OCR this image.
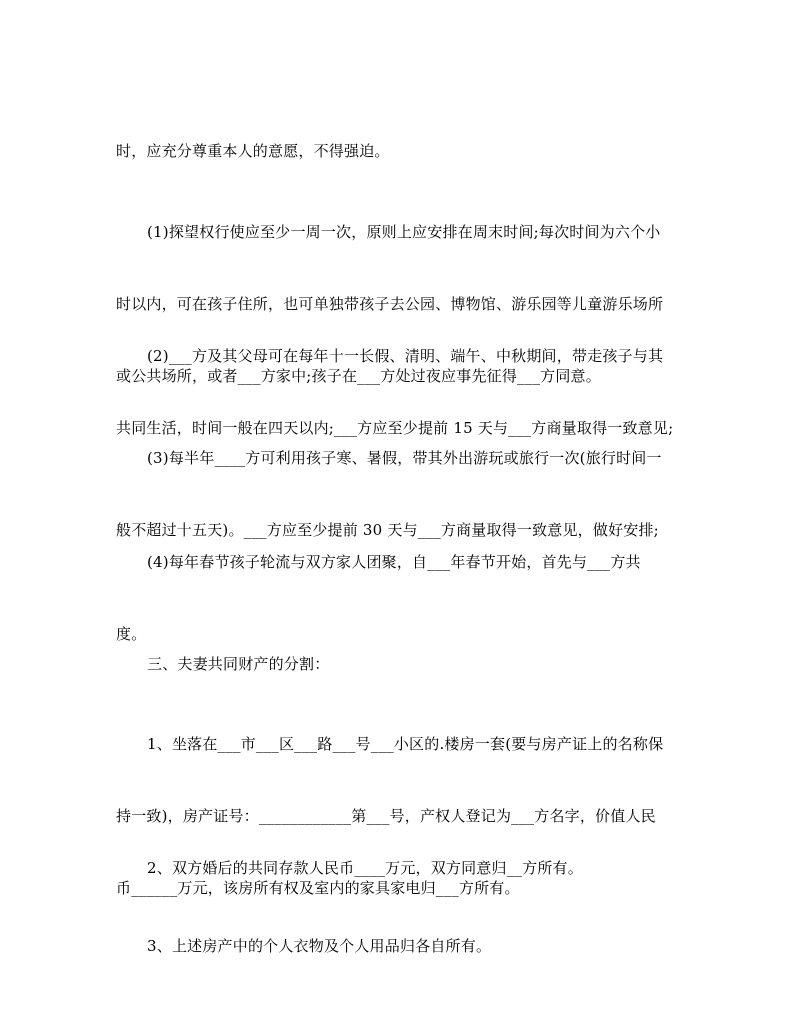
时，应充分尊重本人的意愿，不得强迫。

(1)探望权行使应至少一周一次，原则上应安排在周末时间;每次时间为六个小

时以内，可在孩子住所，也可单独带孩子去公园、博物馆、游乐园等儿童游乐场所

或公共场所，或者___方家中;孩子在___方处过夜应事先征得___方同意。

(2)___方及其父母可在每年十一长假、清明、端午、中秋期间，带走孩子与其

共同生活，时间一般在四天以内;___方应至少提前 15 天与___方商量取得一致意见;

(3)每半年____方可利用孩子寒、暑假，带其外出游玩或旅行一次(旅行时间一

般不超过十五天)。___方应至少提前 30 天与___方商量取得一致意见，做好安排;

(4)每年春节孩子轮流与双方家人团聚，自___年春节开始，首先与___方共

度。

三、夫妻共同财产的分割：

1、坐落在___市___区___路___号___小区的.楼房一套(要与房产证上的名称保

持一致)，房产证号：____________第___号，产权人登记为___方名字，价值人民

币______万元，该房所有权及室内的家具家电归___方所有。

2、双方婚后的共同存款人民币____万元，双方同意归__方所有。

3、上述房产中的个人衣物及个人用品归各自所有。
